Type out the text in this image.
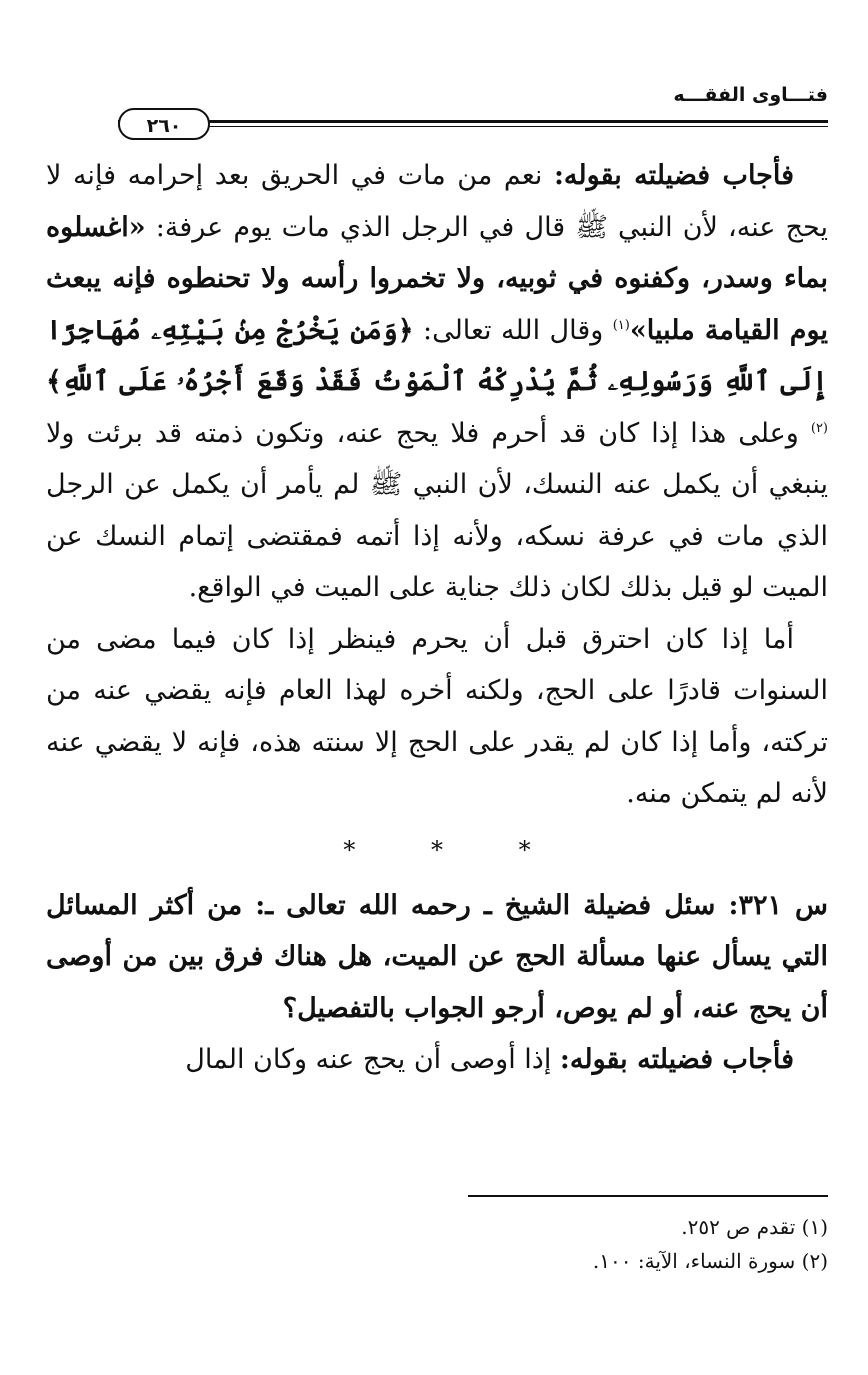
فتـــاوى الفقـــه
٢٦٠

فأجاب فضيلته بقوله: نعم من مات في الحريق بعد إحرامه فإنه لا يحج عنه، لأن النبي ﷺ قال في الرجل الذي مات يوم عرفة: «اغسلوه بماء وسدر، وكفنوه في ثوبيه، ولا تخمروا رأسه ولا تحنطوه فإنه يبعث يوم القيامة ملبيا»$^{(١)}$ وقال الله تعالى: ﴿وَمَن يَخْرُجْ مِنۢ بَيْتِهِۦ مُهَاجِرًا إِلَى ٱللَّهِ وَرَسُولِهِۦ ثُمَّ يُدْرِكْهُ ٱلْمَوْتُ فَقَدْ وَقَعَ أَجْرُهُۥ عَلَى ٱللَّهِ﴾$^{(٢)}$ وعلى هذا إذا كان قد أحرم فلا يحج عنه، وتكون ذمته قد برئت ولا ينبغي أن يكمل عنه النسك، لأن النبي ﷺ لم يأمر أن يكمل عن الرجل الذي مات في عرفة نسكه، ولأنه إذا أتمه فمقتضى إتمام النسك عن الميت لو قيل بذلك لكان ذلك جناية على الميت في الواقع.

أما إذا كان احترق قبل أن يحرم فينظر إذا كان فيما مضى من السنوات قادرًا على الحج، ولكنه أخره لهذا العام فإنه يقضي عنه من تركته، وأما إذا كان لم يقدر على الحج إلا سنته هذه، فإنه لا يقضي عنه لأنه لم يتمكن منه.

* * *

س ٣٢١: سئل فضيلة الشيخ ـ رحمه الله تعالى ـ: من أكثر المسائل التي يسأل عنها مسألة الحج عن الميت، هل هناك فرق بين من أوصى أن يحج عنه، أو لم يوص، أرجو الجواب بالتفصيل؟

فأجاب فضيلته بقوله: إذا أوصى أن يحج عنه وكان المال

(١) تقدم ص ٢٥٢.
(٢) سورة النساء، الآية: ١٠٠.
